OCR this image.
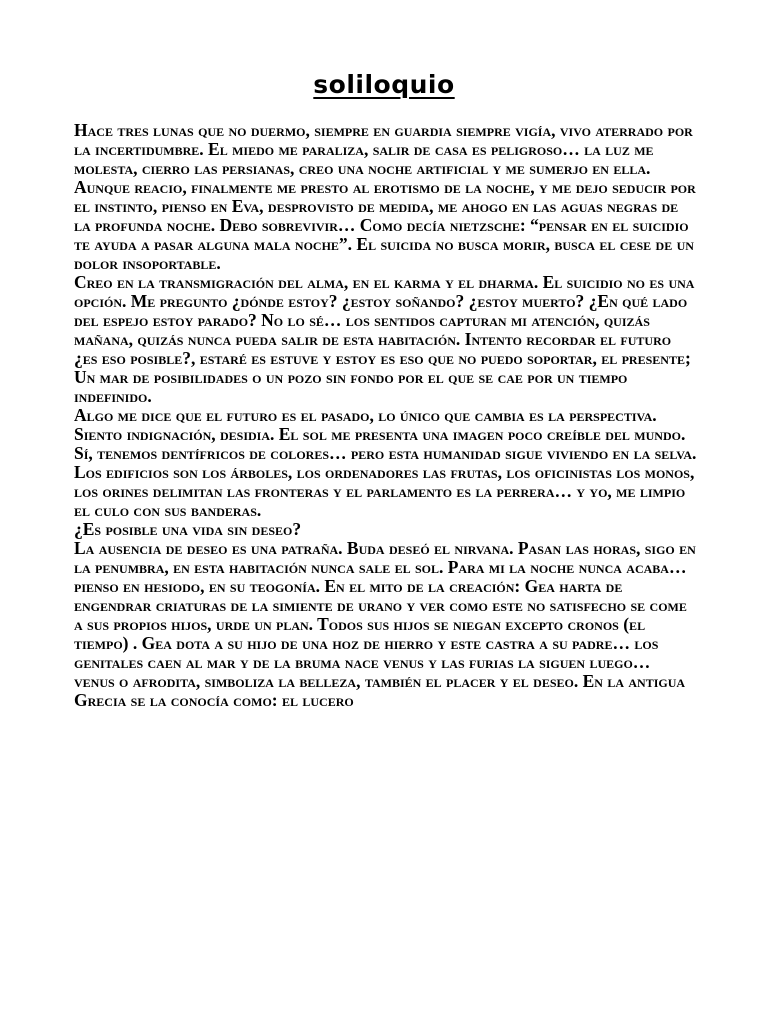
soliloquio

Hace tres lunas que no duermo, siempre en guardia siempre vigía, vivo aterrado por la incertidumbre. El miedo me paraliza, salir de casa es peligroso… la luz me molesta, cierro las persianas, creo una noche artificial y me sumerjo en ella.

Aunque reacio, finalmente me presto al erotismo de la noche, y me dejo seducir por el instinto, pienso en Eva, desprovisto de medida, me ahogo en las aguas negras de la profunda noche. Debo sobrevivir… Como decía nietzsche: “pensar en el suicidio te ayuda a pasar alguna mala noche”. El suicida no busca morir, busca el cese de un dolor insoportable.

Creo en la transmigración del alma, en el karma y el dharma. El suicidio no es una opción. Me pregunto ¿dónde estoy? ¿estoy soñando? ¿estoy muerto? ¿En qué lado del espejo estoy parado? No lo sé… los sentidos capturan mi atención, quizás mañana, quizás nunca pueda salir de esta habitación. Intento recordar el futuro ¿es eso posible?, estaré es estuve y estoy es eso que no puedo soportar, el presente; Un mar de posibilidades o un pozo sin fondo por el que se cae por un tiempo indefinido.

Algo me dice que el futuro es el pasado, lo único que cambia es la perspectiva.

Siento indignación, desidia. El sol me presenta una imagen poco creíble del mundo.

Sí, tenemos dentífricos de colores… pero esta humanidad sigue viviendo en la selva. Los edificios son los árboles, los ordenadores las frutas, los oficinistas los monos, los orines delimitan las fronteras y el parlamento es la perrera… y yo, me limpio el culo con sus banderas.

¿Es posible una vida sin deseo?

La ausencia de deseo es una patraña. Buda deseó el nirvana. Pasan las horas, sigo en la penumbra, en esta habitación nunca sale el sol. Para mi la noche nunca acaba…

pienso en hesiodo, en su teogonía. En el mito de la creación: Gea harta de engendrar criaturas de la simiente de urano y ver como este no satisfecho se come a sus propios hijos, urde un plan. Todos sus hijos se niegan excepto cronos (el tiempo) . Gea dota a su hijo de una hoz de hierro y este castra a su padre… los genitales caen al mar y de la bruma nace venus y las furias la siguen luego…

venus o afrodita, simboliza la belleza, también el placer y el deseo. En la antigua Grecia se la conocía como: el lucero
